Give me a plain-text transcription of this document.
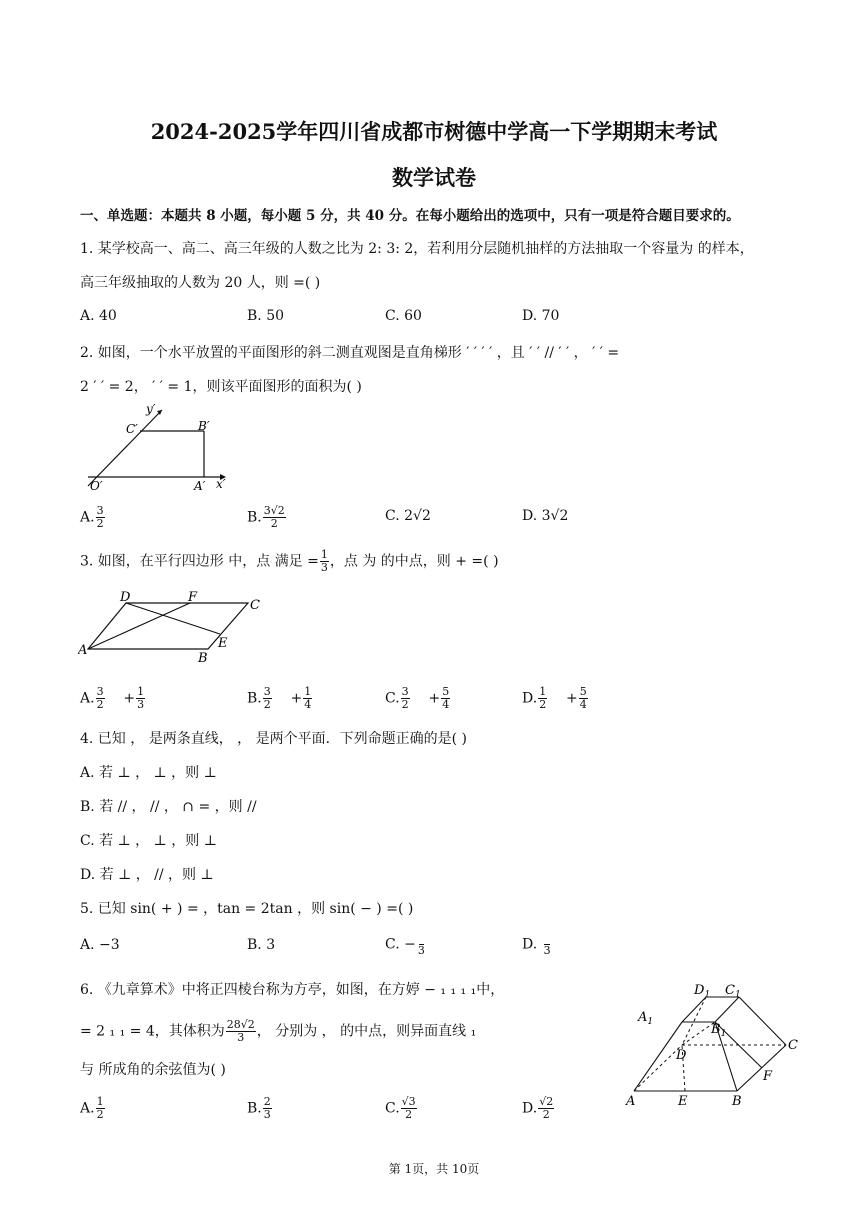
2024-2025学年四川省成都市树德中学高一下学期期末考试
数学试卷
一、单选题：本题共 8 小题，每小题 5 分，共 40 分。在每小题给出的选项中，只有一项是符合题目要求的。
1. 某学校高一、高二、高三年级的人数之比为 2: 3: 2，若利用分层随机抽样的方法抽取一个容量为 的样本，
高三年级抽取的人数为 20 人，则 =( )
A. 40	B. 50	C. 60	D. 70
2. 如图，一个水平放置的平面图形的斜二测直观图是直角梯形 ′ ′ ′ ′ ，且 ′ ′ // ′ ′ ， ′ ′ =
2 ′ ′ = 2， ′ ′ = 1，则该平面图形的面积为( )
y′
C′	B′
O′	A′ x′
A. $\frac{3}{2}$	B. $\frac{3√2}{2}$	C. 2√2	D. 3√2
3. 如图，在平行四边形 中，点 满足 = $\frac{1}{3}$ ，点 为 的中点，则 + =( )
D	F
C
A
B
E
A. $\frac{3}{2} + \frac{1}{3}$	B. $\frac{3}{2} + \frac{1}{4}$	C. $\frac{3}{2} + \frac{5}{4}$	D. $\frac{1}{2} + \frac{5}{4}$
4. 已知 ， 是两条直线， ， 是两个平面．下列命题正确的是( )
A. 若 ⊥ ， ⊥ ，则 ⊥
B. 若 // ， // ， ∩ = ，则 //
C. 若 ⊥ ， ⊥ ，则 ⊥
D. 若 ⊥ ， // ，则 ⊥
5. 已知 sin( + ) = ，tan = 2tan ，则 sin( − ) =( )
A. −3	B. 3	C. −
3	D.
3
6. 《九章算术》中将正四棱台称为方亭，如图，在方婷 − ₁ ₁ ₁ ₁中，
= 2 ₁ ₁ = 4，其体积为 $\frac{28√2}{3}$ ， 分别为 ， 的中点，则异面直线 ₁
与 所成角的余弦值为( )
$D_1$ $C_1$
$A_1$	$B_1$
D
C
A	E	B
F
A. $\frac{1}{2}$	B. $\frac{2}{3}$	C. $\frac{√3}{2}$	D. $\frac{√2}{2}$
第 1页，共 10页
